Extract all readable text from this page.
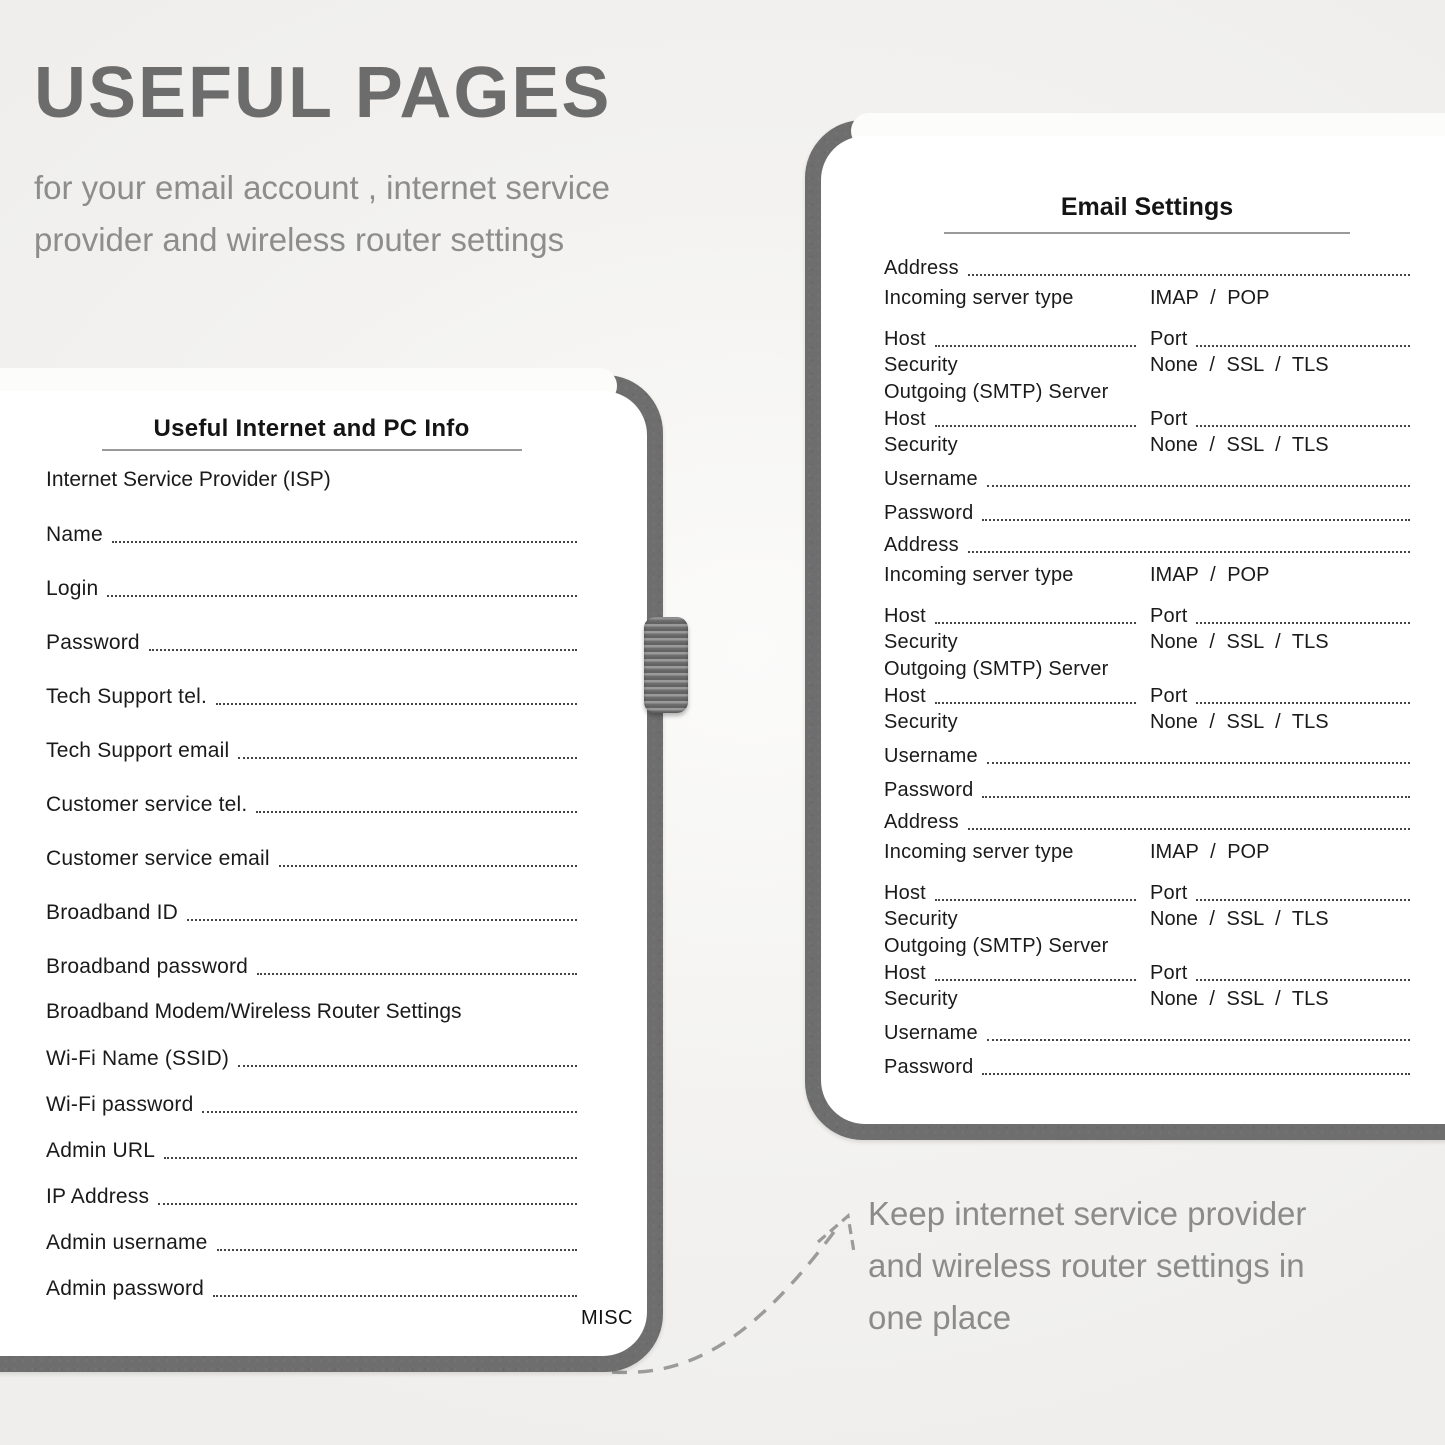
USEFUL PAGES
for your email account , internet service
provider and wireless router settings
Useful Internet and PC Info
Internet Service Provider (ISP)
Name
Login
Password
Tech Support tel.
Tech Support email
Customer service tel.
Customer service email
Broadband ID
Broadband password
Broadband Modem/Wireless Router Settings
Wi-Fi Name (SSID)
Wi-Fi password
Admin URL
IP Address
Admin username
Admin password
MISC
Email Settings
Address
Incoming server type	IMAP / POP
Host	Port
Security	None / SSL / TLS
Outgoing (SMTP) Server
Host	Port
Security	None / SSL / TLS
Username
Password
Address
Incoming server type	IMAP / POP
Host	Port
Security	None / SSL / TLS
Outgoing (SMTP) Server
Host	Port
Security	None / SSL / TLS
Username
Password
Address
Incoming server type	IMAP / POP
Host	Port
Security	None / SSL / TLS
Outgoing (SMTP) Server
Host	Port
Security	None / SSL / TLS
Username
Password
Keep internet service provider
and wireless router settings in
one place
